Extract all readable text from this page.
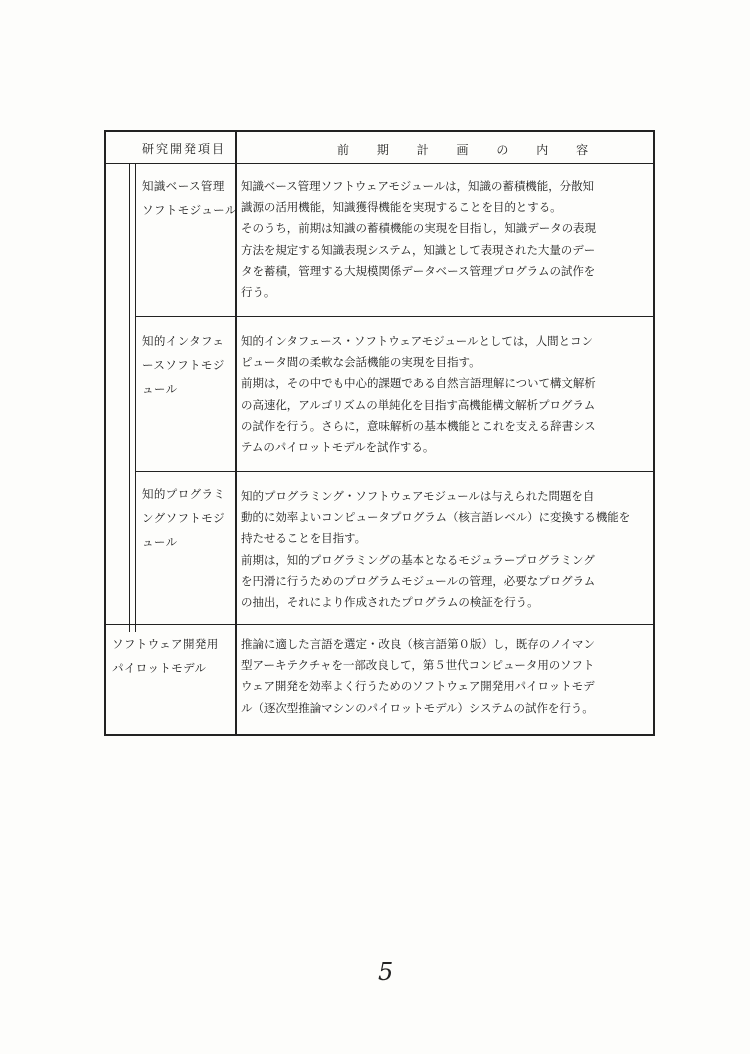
研究開発項目	前 期 計 画 の 内 容
知識ベース管理
ソフトモジュール
知識ベース管理ソフトウェアモジュールは，知識の蓄積機能，分散知
識源の活用機能，知識獲得機能を実現することを目的とする。
そのうち，前期は知識の蓄積機能の実現を目指し，知識データの表現
方法を規定する知識表現システム，知識として表現された大量のデー
タを蓄積，管理する大規模関係データベース管理プログラムの試作を
行う。
知的インタフェ
ースソフトモジ
ュール
知的インタフェース・ソフトウェアモジュールとしては，人間とコン
ピュータ間の柔軟な会話機能の実現を目指す。
前期は，その中でも中心的課題である自然言語理解について構文解析
の高速化，アルゴリズムの単純化を目指す高機能構文解析プログラム
の試作を行う。さらに，意味解析の基本機能とこれを支える辞書シス
テムのパイロットモデルを試作する。
知的プログラミ
ングソフトモジ
ュール
知的プログラミング・ソフトウェアモジュールは与えられた問題を自
動的に効率よいコンピュータプログラム（核言語レベル）に変換する機能を
持たせることを目指す。
前期は，知的プログラミングの基本となるモジュラープログラミング
を円滑に行うためのプログラムモジュールの管理，必要なプログラム
の抽出，それにより作成されたプログラムの検証を行う。
ソフトウェア開発用
パイロットモデル
推論に適した言語を選定・改良（核言語第０版）し，既存のノイマン
型アーキテクチャを一部改良して，第５世代コンピュータ用のソフト
ウェア開発を効率よく行うためのソフトウェア開発用パイロットモデ
ル（逐次型推論マシンのパイロットモデル）システムの試作を行う。
5
